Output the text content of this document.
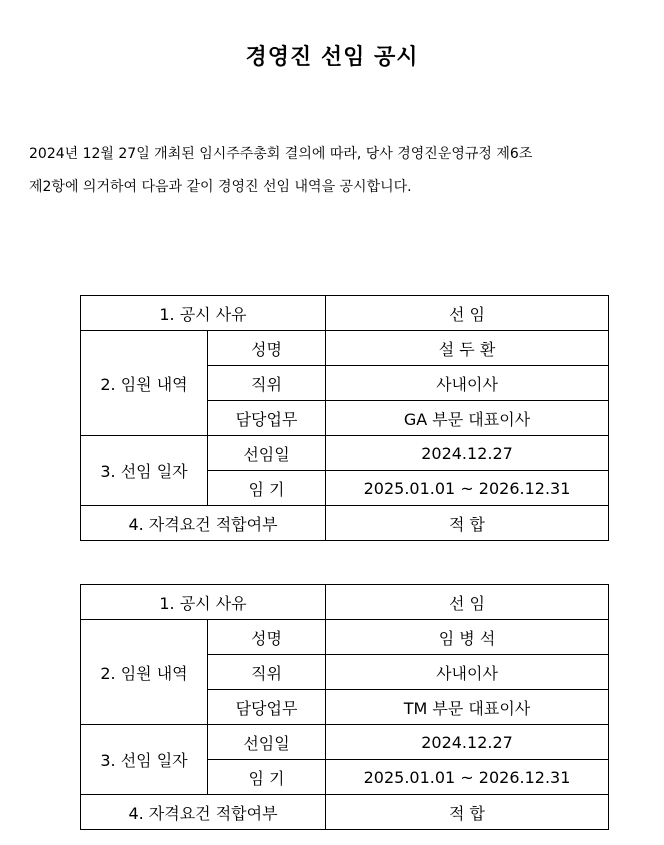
경영진 선임 공시
2024년 12월 27일 개최된 임시주주총회 결의에 따라, 당사 경영진운영규정 제6조
제2항에 의거하여 다음과 같이 경영진 선임 내역을 공시합니다.
1. 공시 사유		선 임
2. 임원 내역	성명	설 두 환
	직위	사내이사
	담당업무	GA 부문 대표이사
3. 선임 일자	선임일	2024.12.27
	임 기	2025.01.01 ~ 2026.12.31
4. 자격요건 적합여부		적 합
1. 공시 사유		선 임
2. 임원 내역	성명	임 병 석
	직위	사내이사
	담당업무	TM 부문 대표이사
3. 선임 일자	선임일	2024.12.27
	임 기	2025.01.01 ~ 2026.12.31
4. 자격요건 적합여부		적 합
